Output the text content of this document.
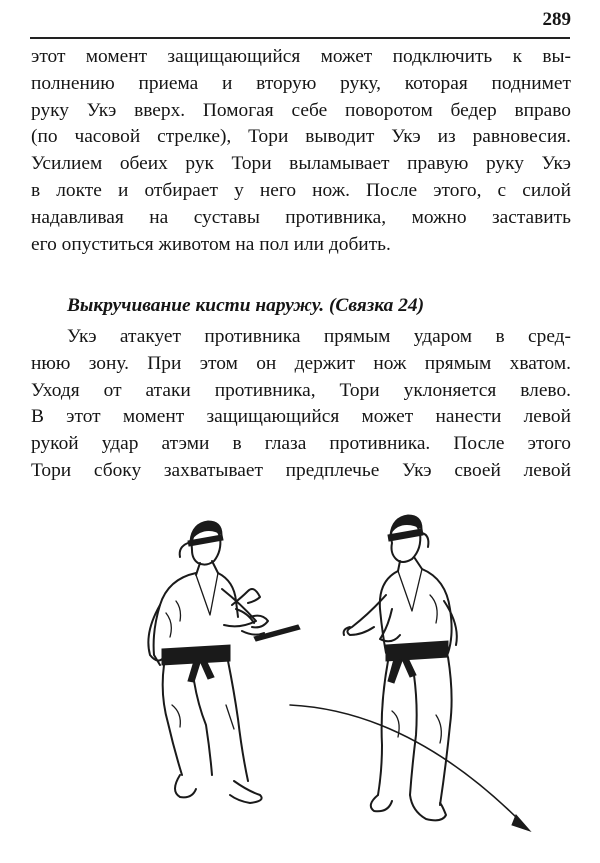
289
этот момент защищающийся может подключить к вы-
полнению приема и вторую руку, которая поднимет
руку Укэ вверх. Помогая себе поворотом бедер вправо
(по часовой стрелке), Тори выводит Укэ из равновесия.
Усилием обеих рук Тори выламывает правую руку Укэ
в локте и отбирает у него нож. После этого, с силой
надавливая на суставы противника, можно заставить
его опуститься животом на пол или добить.
Выкручивание кисти наружу. (Связка 24)
Укэ атакует противника прямым ударом в сред-
нюю зону. При этом он держит нож прямым хватом.
Уходя от атаки противника, Тори уклоняется влево.
В этот момент защищающийся может нанести левой
рукой удар атэми в глаза противника. После этого
Тори сбоку захватывает предплечье Укэ своей левой
